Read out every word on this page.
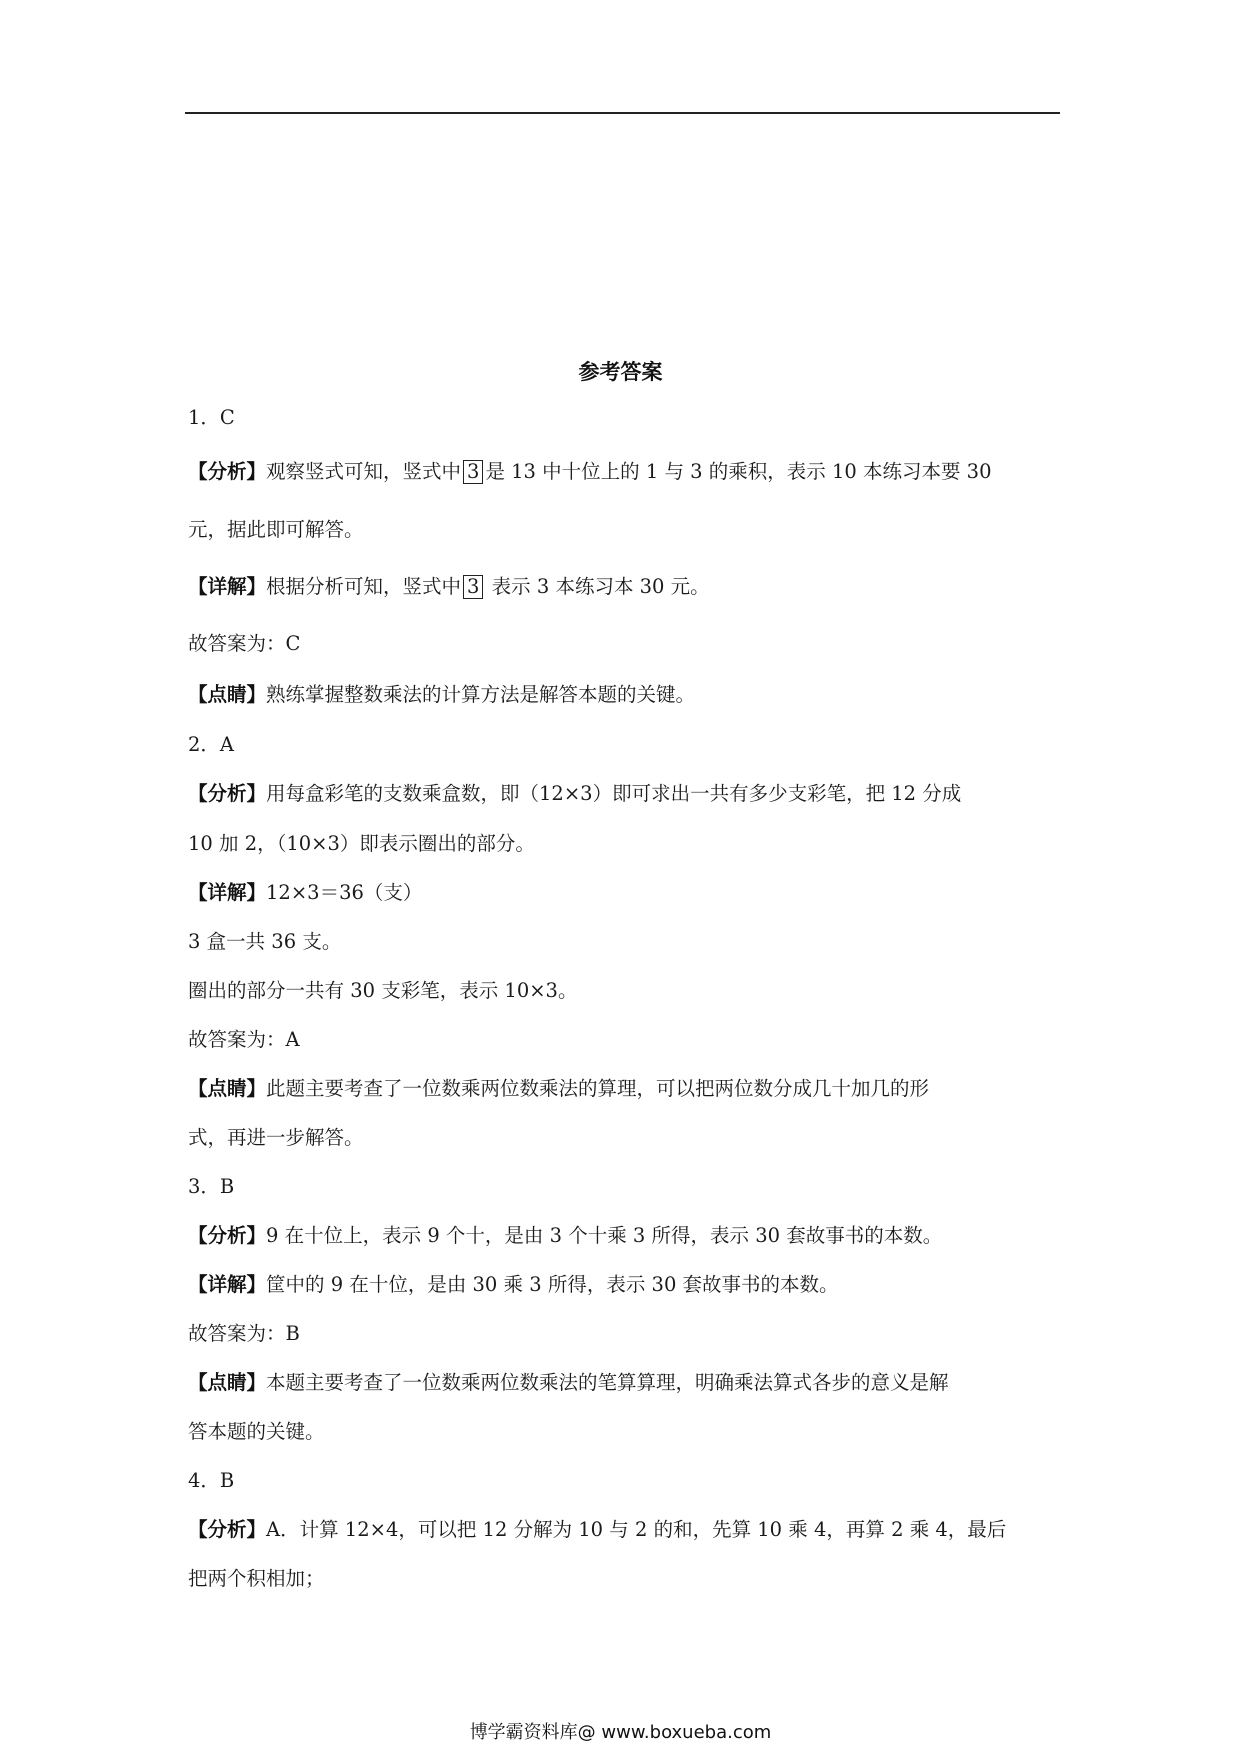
参考答案
1．C
【分析】观察竖式可知，竖式中 3 是 13 中十位上的 1 与 3 的乘积，表示 10 本练习本要 30
元，据此即可解答。
【详解】根据分析可知，竖式中 3 表示 3 本练习本 30 元。
故答案为：C
【点睛】熟练掌握整数乘法的计算方法是解答本题的关键。
2．A
【分析】用每盒彩笔的支数乘盒数，即（12×3）即可求出一共有多少支彩笔，把 12 分成
10 加 2，（10×3）即表示圈出的部分。
【详解】12×3＝36（支）
3 盒一共 36 支。
圈出的部分一共有 30 支彩笔，表示 10×3。
故答案为：A
【点睛】此题主要考查了一位数乘两位数乘法的算理，可以把两位数分成几十加几的形
式，再进一步解答。
3．B
【分析】9 在十位上，表示 9 个十，是由 3 个十乘 3 所得，表示 30 套故事书的本数。
【详解】筐中的 9 在十位，是由 30 乘 3 所得，表示 30 套故事书的本数。
故答案为：B
【点睛】本题主要考查了一位数乘两位数乘法的笔算算理，明确乘法算式各步的意义是解
答本题的关键。
4．B
【分析】A．计算 12×4，可以把 12 分解为 10 与 2 的和，先算 10 乘 4，再算 2 乘 4，最后
把两个积相加；
博学霸资料库@ www.boxueba.com
